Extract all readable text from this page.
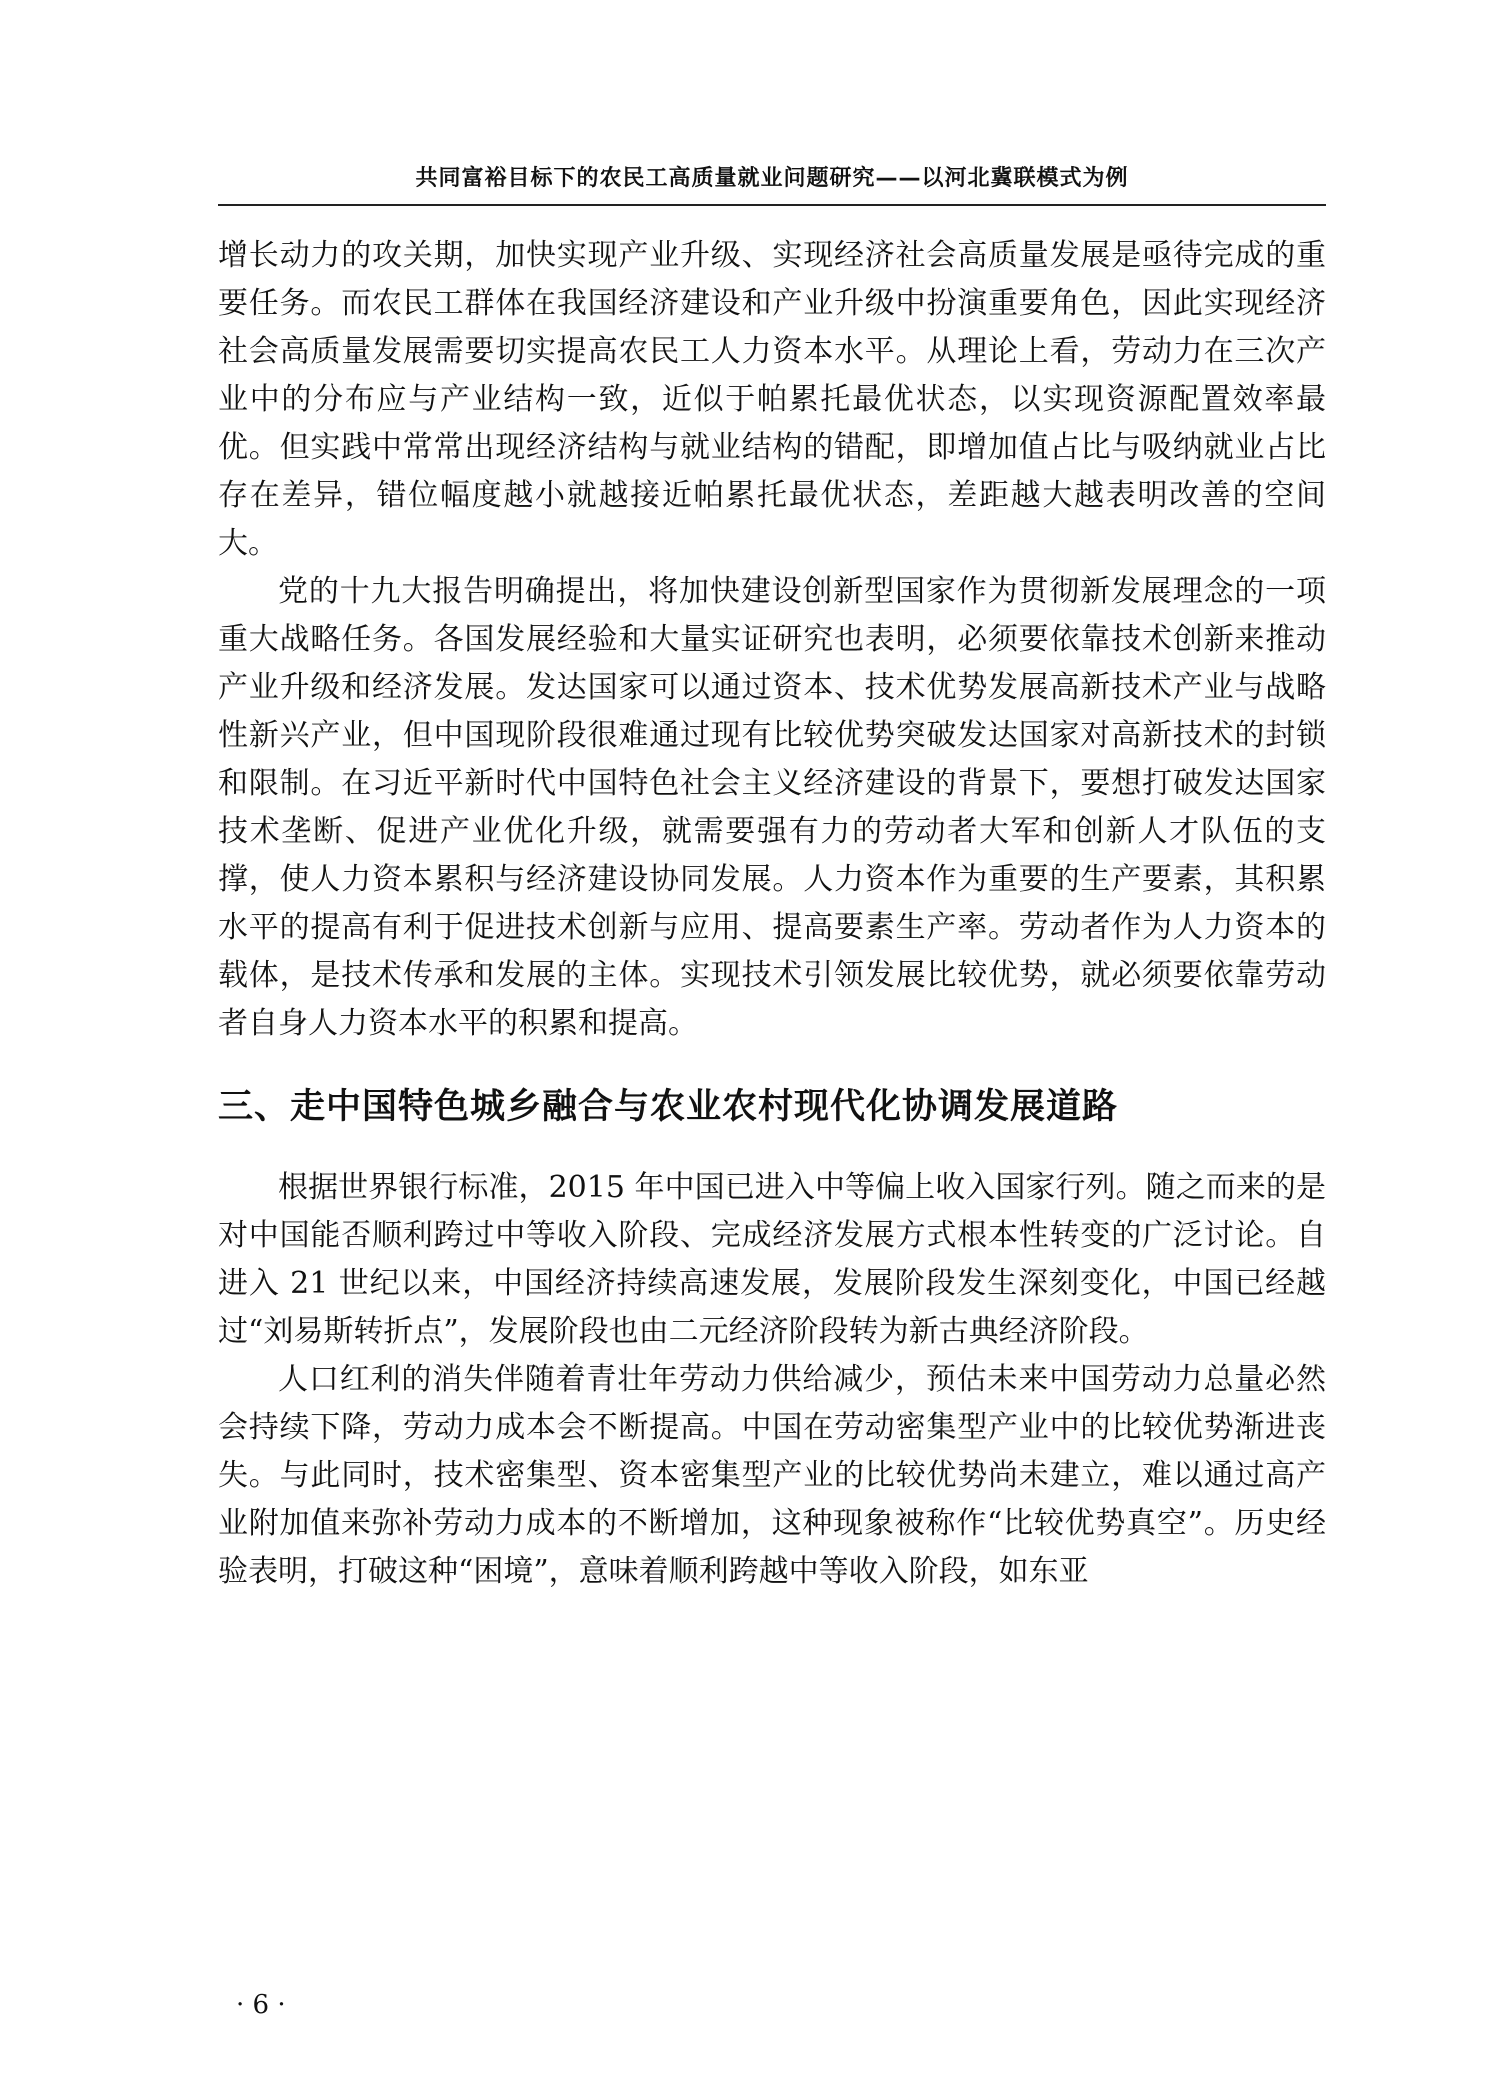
共同富裕目标下的农民工高质量就业问题研究——以河北冀联模式为例

增长动力的攻关期，加快实现产业升级、实现经济社会高质量发展是亟待完成的重要任务。而农民工群体在我国经济建设和产业升级中扮演重要角色，因此实现经济社会高质量发展需要切实提高农民工人力资本水平。从理论上看，劳动力在三次产业中的分布应与产业结构一致，近似于帕累托最优状态，以实现资源配置效率最优。但实践中常常出现经济结构与就业结构的错配，即增加值占比与吸纳就业占比存在差异，错位幅度越小就越接近帕累托最优状态，差距越大越表明改善的空间大。

党的十九大报告明确提出，将加快建设创新型国家作为贯彻新发展理念的一项重大战略任务。各国发展经验和大量实证研究也表明，必须要依靠技术创新来推动产业升级和经济发展。发达国家可以通过资本、技术优势发展高新技术产业与战略性新兴产业，但中国现阶段很难通过现有比较优势突破发达国家对高新技术的封锁和限制。在习近平新时代中国特色社会主义经济建设的背景下，要想打破发达国家技术垄断、促进产业优化升级，就需要强有力的劳动者大军和创新人才队伍的支撑，使人力资本累积与经济建设协同发展。人力资本作为重要的生产要素，其积累水平的提高有利于促进技术创新与应用、提高要素生产率。劳动者作为人力资本的载体，是技术传承和发展的主体。实现技术引领发展比较优势，就必须要依靠劳动者自身人力资本水平的积累和提高。

三、走中国特色城乡融合与农业农村现代化协调发展道路

根据世界银行标准，2015 年中国已进入中等偏上收入国家行列。随之而来的是对中国能否顺利跨过中等收入阶段、完成经济发展方式根本性转变的广泛讨论。自进入 21 世纪以来，中国经济持续高速发展，发展阶段发生深刻变化，中国已经越过“刘易斯转折点”，发展阶段也由二元经济阶段转为新古典经济阶段。

人口红利的消失伴随着青壮年劳动力供给减少，预估未来中国劳动力总量必然会持续下降，劳动力成本会不断提高。中国在劳动密集型产业中的比较优势渐进丧失。与此同时，技术密集型、资本密集型产业的比较优势尚未建立，难以通过高产业附加值来弥补劳动力成本的不断增加，这种现象被称作“比较优势真空”。历史经验表明，打破这种“困境”，意味着顺利跨越中等收入阶段，如东亚

· 6 ·
